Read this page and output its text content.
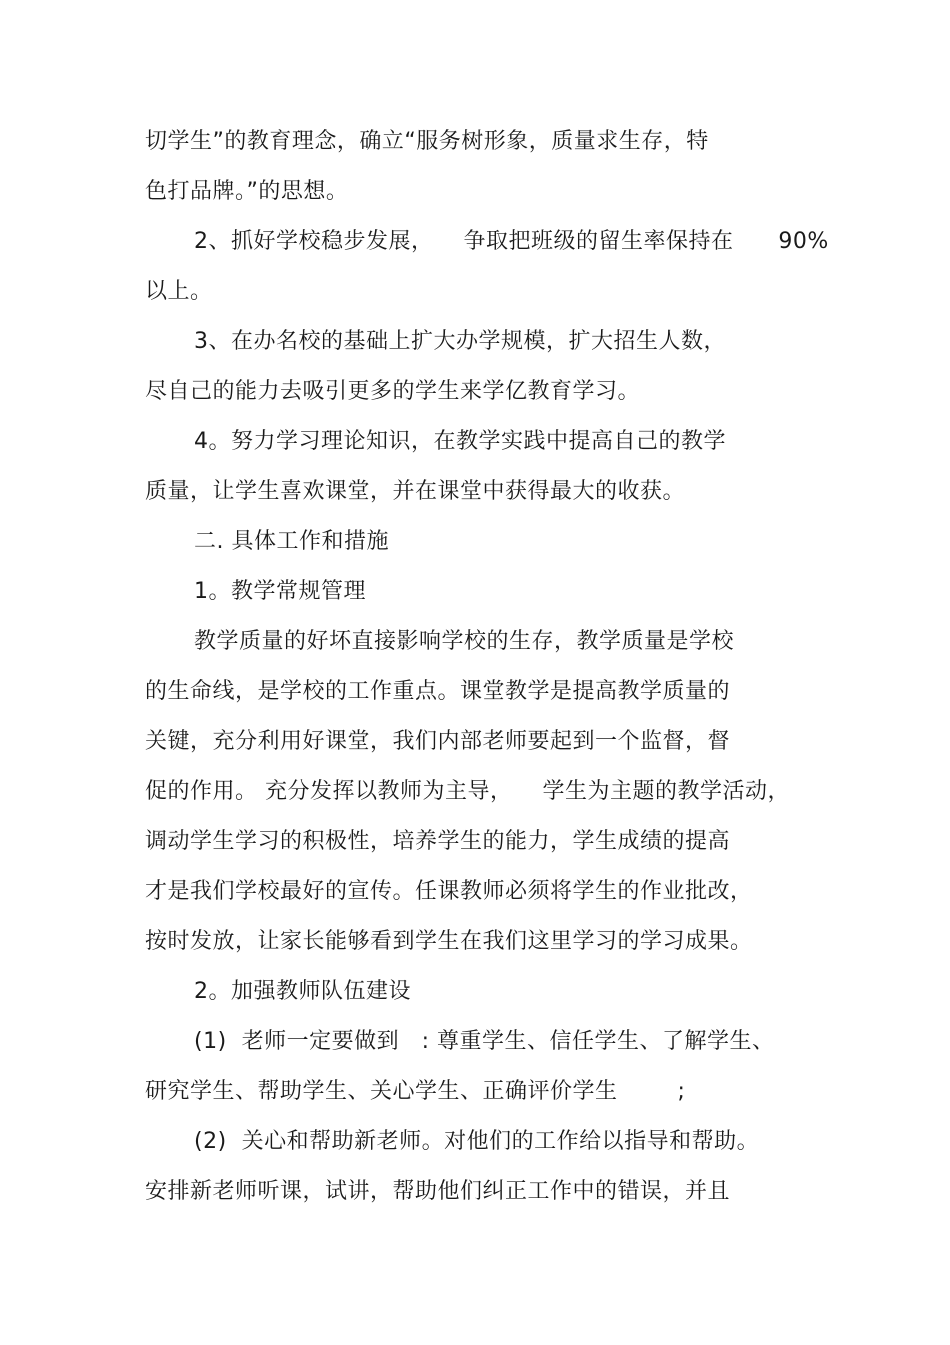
切学生”的教育理念，确立“服务树形象，质量求生存，特
色打品牌。”的思想。
2、抓好学校稳步发展，    争取把班级的留生率保持在      90%
以上。
3、在办名校的基础上扩大办学规模，扩大招生人数，
尽自己的能力去吸引更多的学生来学亿教育学习。
4。努力学习理论知识，在教学实践中提高自己的教学
质量，让学生喜欢课堂，并在课堂中获得最大的收获。
二. 具体工作和措施
1。教学常规管理
教学质量的好坏直接影响学校的生存，教学质量是学校
的生命线，是学校的工作重点。课堂教学是提高教学质量的
关键，充分利用好课堂，我们内部老师要起到一个监督，督
促的作用。 充分发挥以教师为主导，    学生为主题的教学活动，
调动学生学习的积极性，培养学生的能力，学生成绩的提高
才是我们学校最好的宣传。任课教师必须将学生的作业批改，
按时发放，让家长能够看到学生在我们这里学习的学习成果。
2。加强教师队伍建设
(1)  老师一定要做到   : 尊重学生、信任学生、了解学生、
研究学生、帮助学生、关心学生、正确评价学生        ;
(2)  关心和帮助新老师。对他们的工作给以指导和帮助。
安排新老师听课，试讲，帮助他们纠正工作中的错误，并且
